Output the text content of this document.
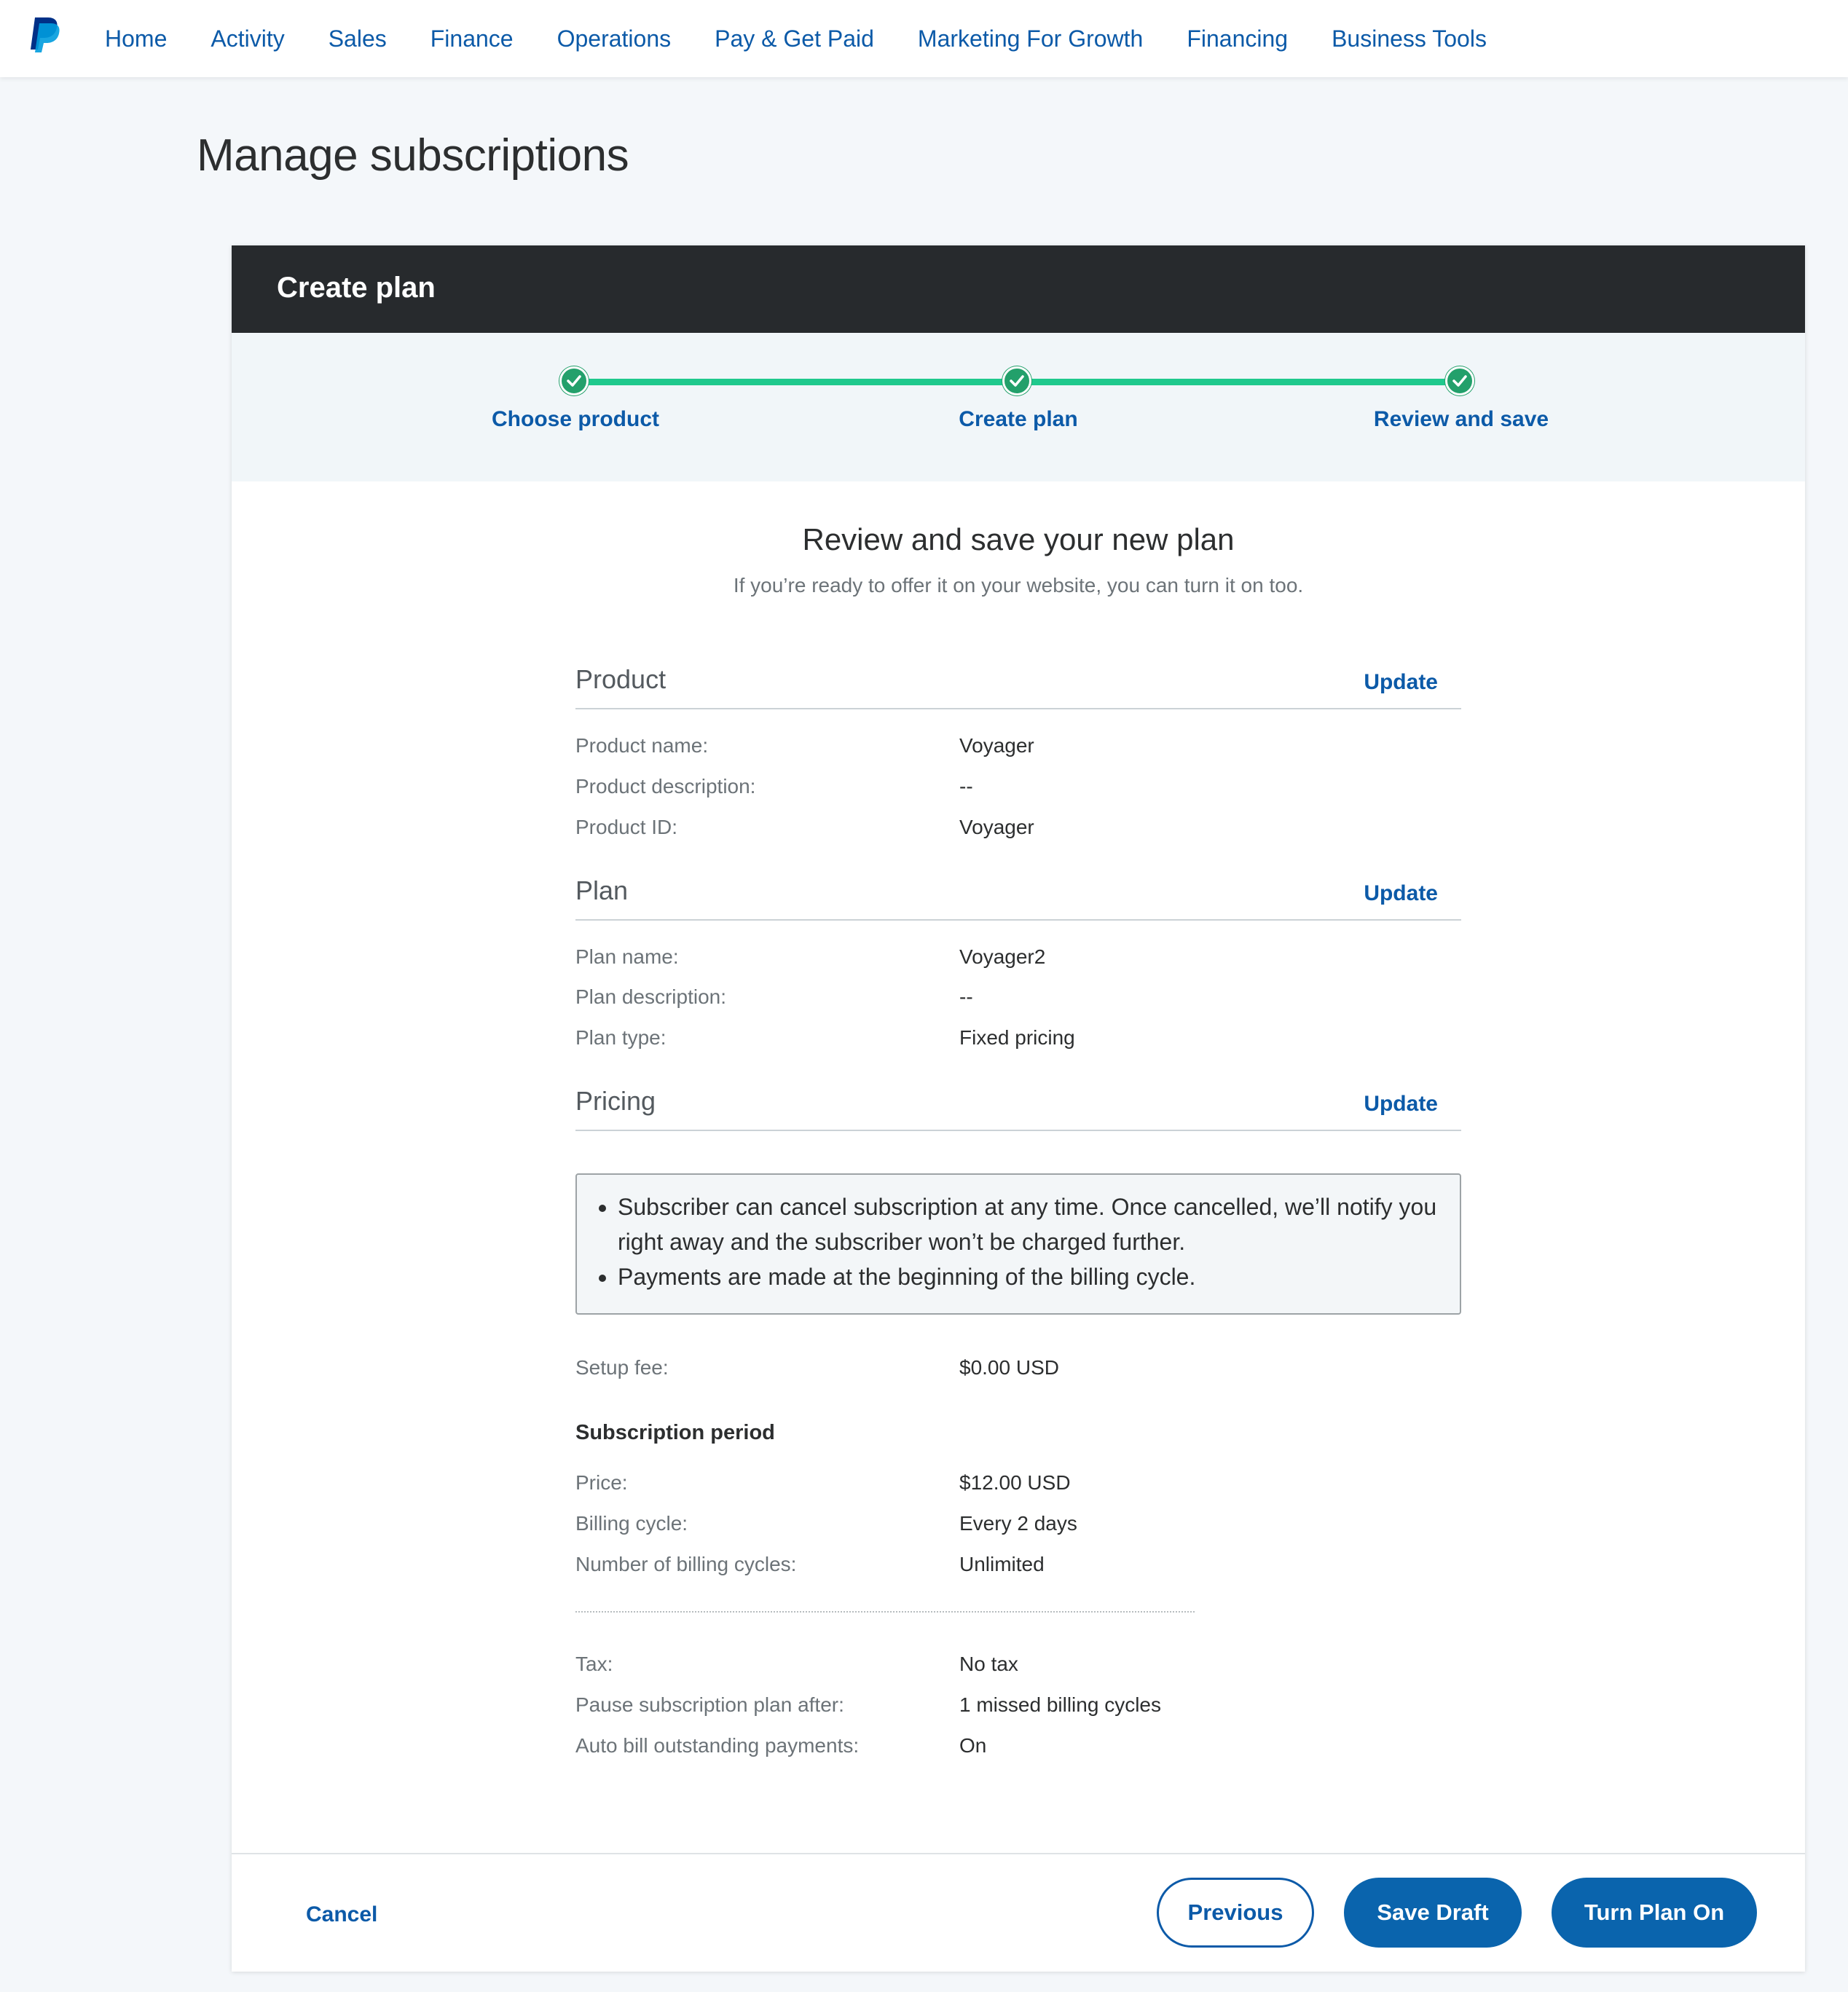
Home Activity Sales Finance Operations Pay & Get Paid Marketing For Growth Financing Business Tools
Manage subscriptions
Create plan
Choose product	Create plan	Review and save
Review and save your new plan
If you’re ready to offer it on your website, you can turn it on too.
Product	Update
Product name:	Voyager
Product description:	--
Product ID:	Voyager
Plan	Update
Plan name:	Voyager2
Plan description:	--
Plan type:	Fixed pricing
Pricing	Update
• Subscriber can cancel subscription at any time. Once cancelled, we’ll notify you right away and the subscriber won’t be charged further.
• Payments are made at the beginning of the billing cycle.
Setup fee:	$0.00 USD
Subscription period
Price:	$12.00 USD
Billing cycle:	Every 2 days
Number of billing cycles:	Unlimited
Tax:	No tax
Pause subscription plan after:	1 missed billing cycles
Auto bill outstanding payments:	On
Cancel	Previous	Save Draft	Turn Plan On
